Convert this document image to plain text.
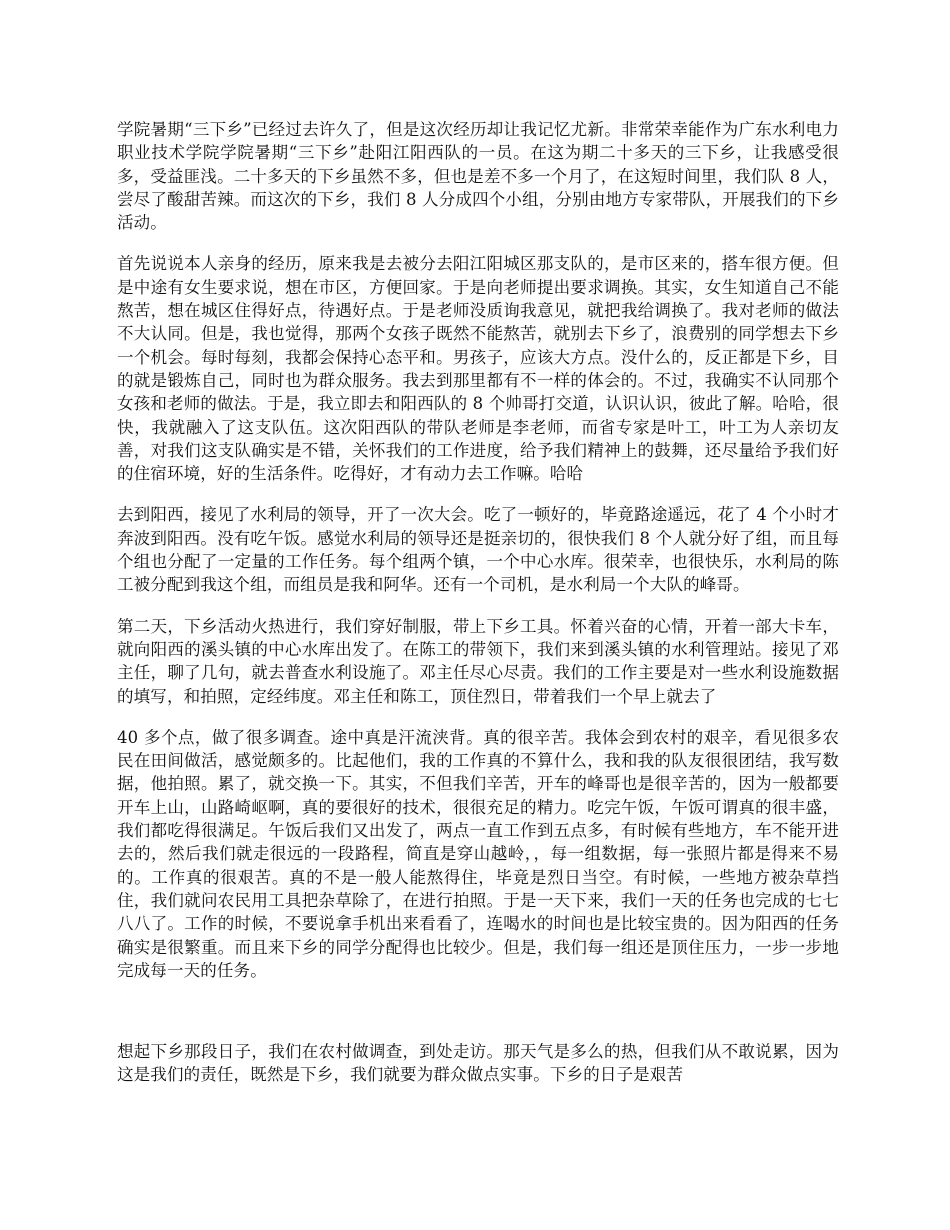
学院暑期“三下乡”已经过去许久了，但是这次经历却让我记忆尤新。非常荣幸能作为广东水利电力职业技术学院学院暑期“三下乡”赴阳江阳西队的一员。在这为期二十多天的三下乡，让我感受很多，受益匪浅。二十多天的下乡虽然不多，但也是差不多一个月了，在这短时间里，我们队 8 人，尝尽了酸甜苦辣。而这次的下乡，我们 8 人分成四个小组，分别由地方专家带队，开展我们的下乡活动。

首先说说本人亲身的经历，原来我是去被分去阳江阳城区那支队的，是市区来的，搭车很方便。但是中途有女生要求说，想在市区，方便回家。于是向老师提出要求调换。其实，女生知道自己不能熬苦，想在城区住得好点，待遇好点。于是老师没质询我意见，就把我给调换了。我对老师的做法不大认同。但是，我也觉得，那两个女孩子既然不能熬苦，就别去下乡了，浪费别的同学想去下乡一个机会。每时每刻，我都会保持心态平和。男孩子，应该大方点。没什么的，反正都是下乡，目的就是锻炼自己，同时也为群众服务。我去到那里都有不一样的体会的。不过，我确实不认同那个女孩和老师的做法。于是，我立即去和阳西队的 8 个帅哥打交道，认识认识，彼此了解。哈哈，很快，我就融入了这支队伍。这次阳西队的带队老师是李老师，而省专家是叶工，叶工为人亲切友善，对我们这支队确实是不错，关怀我们的工作进度，给予我们精神上的鼓舞，还尽量给予我们好的住宿环境，好的生活条件。吃得好，才有动力去工作嘛。哈哈

去到阳西，接见了水利局的领导，开了一次大会。吃了一顿好的，毕竟路途遥远，花了 4 个小时才奔波到阳西。没有吃午饭。感觉水利局的领导还是挺亲切的，很快我们 8 个人就分好了组，而且每个组也分配了一定量的工作任务。每个组两个镇，一个中心水库。很荣幸，也很快乐，水利局的陈工被分配到我这个组，而组员是我和阿华。还有一个司机，是水利局一个大队的峰哥。

第二天，下乡活动火热进行，我们穿好制服，带上下乡工具。怀着兴奋的心情，开着一部大卡车，就向阳西的溪头镇的中心水库出发了。在陈工的带领下，我们来到溪头镇的水利管理站。接见了邓主任，聊了几句，就去普查水利设施了。邓主任尽心尽责。我们的工作主要是对一些水利设施数据的填写，和拍照，定经纬度。邓主任和陈工，顶住烈日，带着我们一个早上就去了

40 多个点，做了很多调查。途中真是汗流浃背。真的很辛苦。我体会到农村的艰辛，看见很多农民在田间做活，感觉颇多的。比起他们，我的工作真的不算什么，我和我的队友很很团结，我写数据，他拍照。累了，就交换一下。其实，不但我们辛苦，开车的峰哥也是很辛苦的，因为一般都要开车上山，山路崎岖啊，真的要很好的技术，很很充足的精力。吃完午饭，午饭可谓真的很丰盛，我们都吃得很满足。午饭后我们又出发了，两点一直工作到五点多，有时候有些地方，车不能开进去的，然后我们就走很远的一段路程，简直是穿山越岭，，每一组数据，每一张照片都是得来不易的。工作真的很艰苦。真的不是一般人能熬得住，毕竟是烈日当空。有时候，一些地方被杂草挡住，我们就问农民用工具把杂草除了，在进行拍照。于是一天下来，我们一天的任务也完成的七七八八了。工作的时候，不要说拿手机出来看看了，连喝水的时间也是比较宝贵的。因为阳西的任务确实是很繁重。而且来下乡的同学分配得也比较少。但是，我们每一组还是顶住压力，一步一步地完成每一天的任务。

想起下乡那段日子，我们在农村做调查，到处走访。那天气是多么的热，但我们从不敢说累，因为这是我们的责任，既然是下乡，我们就要为群众做点实事。下乡的日子是艰苦
